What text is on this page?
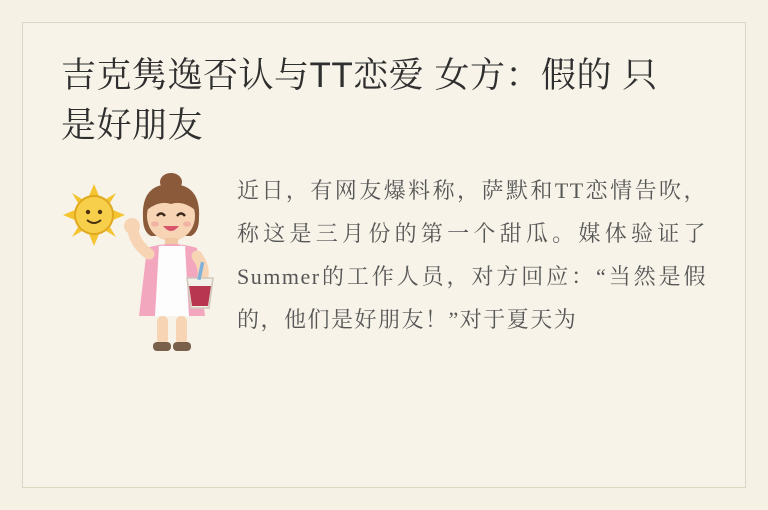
吉克隽逸否认与TT恋爱 女方：假的 只是好朋友
近日，有网友爆料称，萨默和TT恋情告吹，称这是三月份的第一个甜瓜。媒体验证了Summer的工作人员，对方回应：“当然是假的，他们是好朋友！”对于夏天为
